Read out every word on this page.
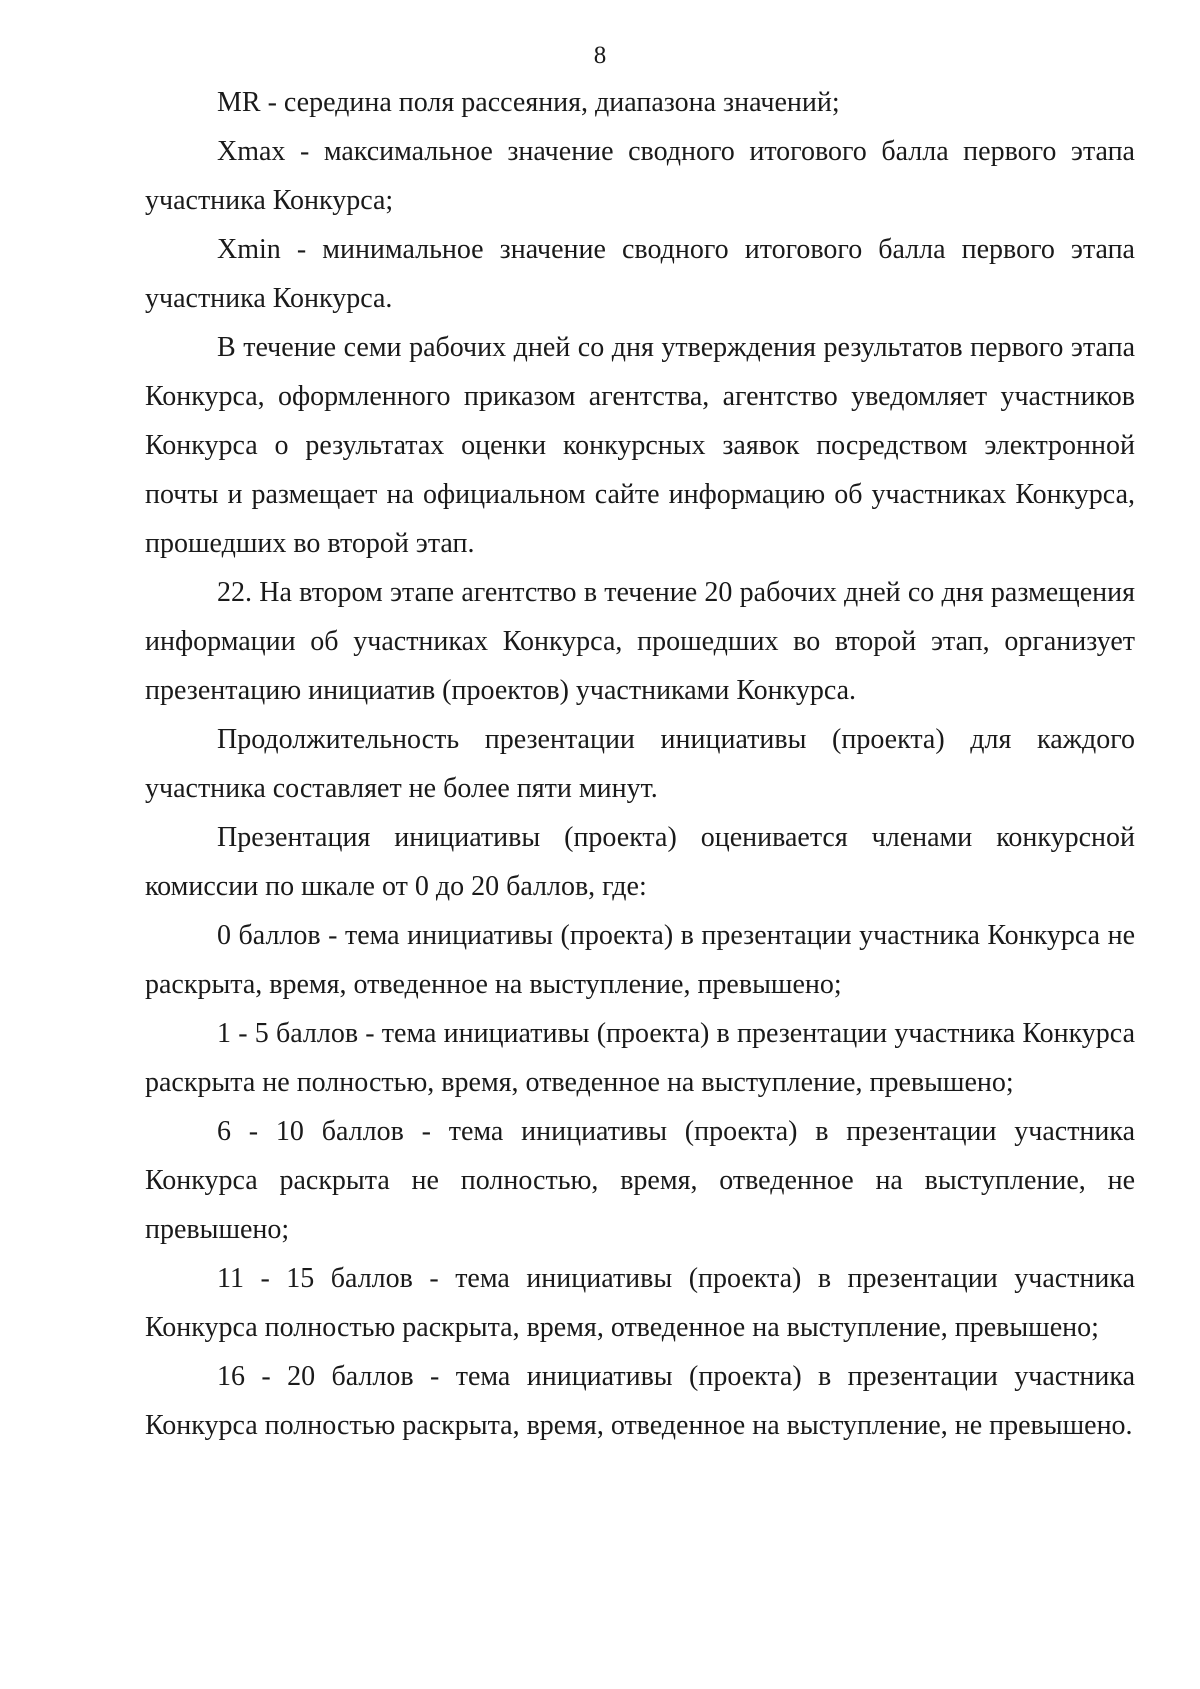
8

MR - середина поля рассеяния, диапазона значений;

Xmax - максимальное значение сводного итогового балла первого этапа участника Конкурса;

Xmin - минимальное значение сводного итогового балла первого этапа участника Конкурса.

В течение семи рабочих дней со дня утверждения результатов первого этапа Конкурса, оформленного приказом агентства, агентство уведомляет участников Конкурса о результатах оценки конкурсных заявок посредством электронной почты и размещает на официальном сайте информацию об участниках Конкурса, прошедших во второй этап.

22. На втором этапе агентство в течение 20 рабочих дней со дня размещения информации об участниках Конкурса, прошедших во второй этап, организует презентацию инициатив (проектов) участниками Конкурса.

Продолжительность презентации инициативы (проекта) для каждого участника составляет не более пяти минут.

Презентация инициативы (проекта) оценивается членами конкурсной комиссии по шкале от 0 до 20 баллов, где:

0 баллов - тема инициативы (проекта) в презентации участника Конкурса не раскрыта, время, отведенное на выступление, превышено;

1 - 5 баллов - тема инициативы (проекта) в презентации участника Конкурса раскрыта не полностью, время, отведенное на выступление, превышено;

6 - 10 баллов - тема инициативы (проекта) в презентации участника Конкурса раскрыта не полностью, время, отведенное на выступление, не превышено;

11 - 15 баллов - тема инициативы (проекта) в презентации участника Конкурса полностью раскрыта, время, отведенное на выступление, превышено;

16 - 20 баллов - тема инициативы (проекта) в презентации участника Конкурса полностью раскрыта, время, отведенное на выступление, не превышено.
